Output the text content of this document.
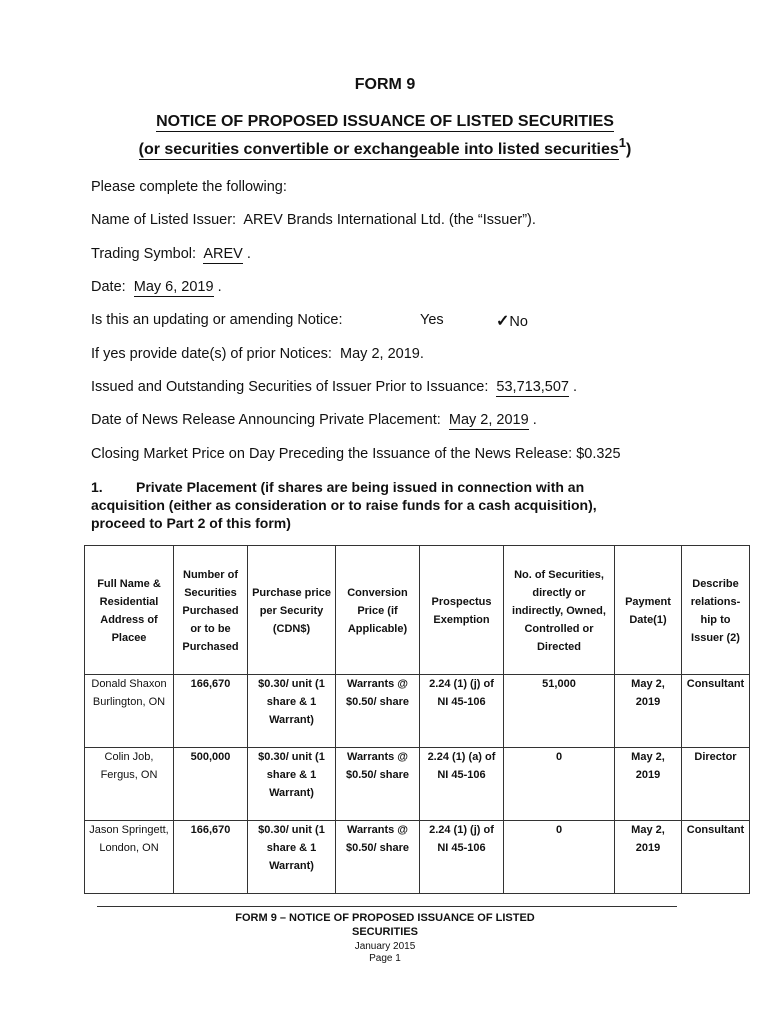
FORM 9
NOTICE OF PROPOSED ISSUANCE OF LISTED SECURITIES
(or securities convertible or exchangeable into listed securities$^1$)
Please complete the following:
Name of Listed Issuer: AREV Brands International Ltd. (the “Issuer”).
Trading Symbol: AREV .
Date: May 6, 2019 .
Is this an updating or amending Notice:	Yes	✓No
If yes provide date(s) of prior Notices: May 2, 2019.
Issued and Outstanding Securities of Issuer Prior to Issuance: 53,713,507 .
Date of News Release Announcing Private Placement: May 2, 2019 .
Closing Market Price on Day Preceding the Issuance of the News Release: $0.325
1. Private Placement (if shares are being issued in connection with an acquisition (either as consideration or to raise funds for a cash acquisition), proceed to Part 2 of this form)
Full Name & Residential Address of Placee	Number of Securities Purchased or to be Purchased	Purchase price per Security (CDN$)	Conversion Price (if Applicable)	Prospectus Exemption	No. of Securities, directly or indirectly, Owned, Controlled or Directed	Payment Date(1)	Describe relations-hip to Issuer (2)
Donald Shaxon Burlington, ON	166,670	$0.30/ unit (1 share & 1 Warrant)	Warrants @ $0.50/ share	2.24 (1) (j) of NI 45-106	51,000	May 2, 2019	Consultant
Colin Job, Fergus, ON	500,000	$0.30/ unit (1 share & 1 Warrant)	Warrants @ $0.50/ share	2.24 (1) (a) of NI 45-106	0	May 2, 2019	Director
Jason Springett, London, ON	166,670	$0.30/ unit (1 share & 1 Warrant)	Warrants @ $0.50/ share	2.24 (1) (j) of NI 45-106	0	May 2, 2019	Consultant
FORM 9 – NOTICE OF PROPOSED ISSUANCE OF LISTED SECURITIES
January 2015
Page 1
